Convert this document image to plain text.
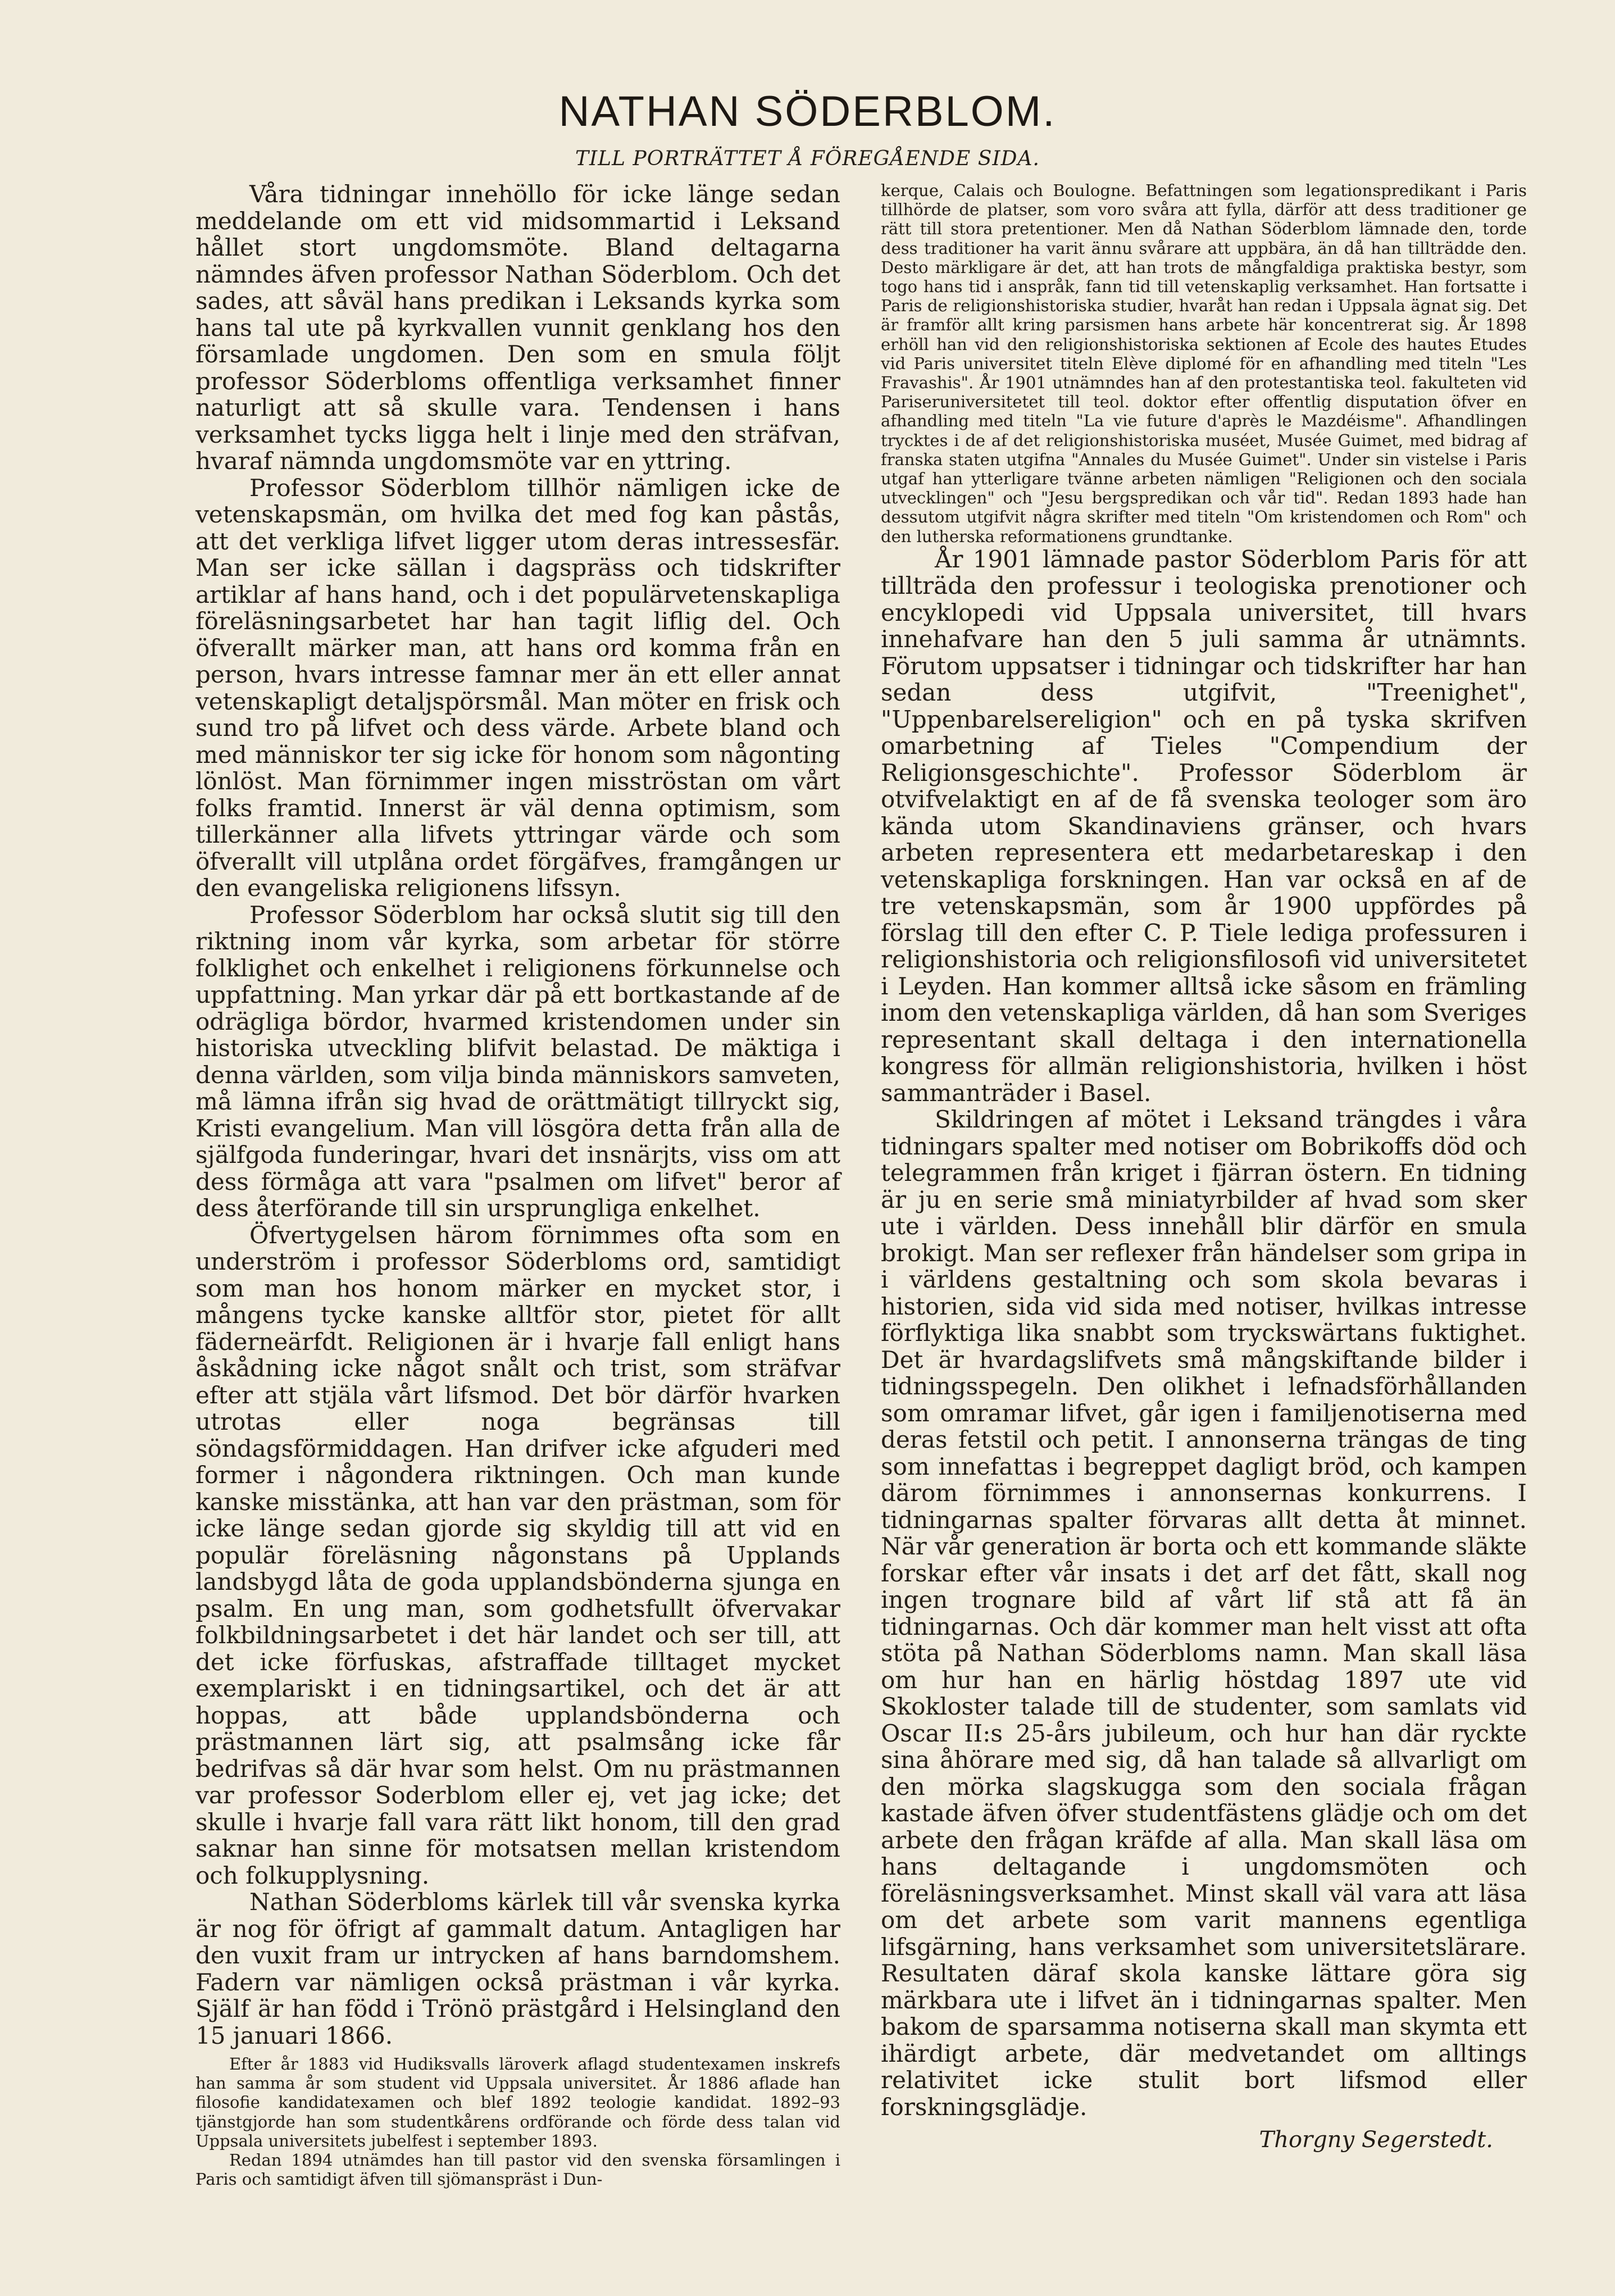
NATHAN SÖDERBLOM.
TILL PORTRÄTTET Å FÖREGÅENDE SIDA.

Våra tidningar innehöllo för icke länge sedan meddelande om ett vid midsommartid i Leksand hållet stort ungdomsmöte. Bland deltagarna nämndes äfven professor Nathan Söderblom. Och det sades, att såväl hans predikan i Leksands kyrka som hans tal ute på kyrkvallen vunnit genklang hos den församlade ungdomen. Den som en smula följt professor Söderbloms offentliga verksamhet finner naturligt att så skulle vara. Tendensen i hans verksamhet tycks ligga helt i linje med den sträfvan, hvaraf nämnda ungdomsmöte var en yttring.

Professor Söderblom tillhör nämligen icke de vetenskapsmän, om hvilka det med fog kan påstås, att det verkliga lifvet ligger utom deras intressesfär. Man ser icke sällan i dagspräss och tidskrifter artiklar af hans hand, och i det populärvetenskapliga föreläsningsarbetet har han tagit liflig del. Och öfverallt märker man, att hans ord komma från en person, hvars intresse famnar mer än ett eller annat vetenskapligt detaljspörsmål. Man möter en frisk och sund tro på lifvet och dess värde. Arbete bland och med människor ter sig icke för honom som någonting lönlöst. Man förnimmer ingen misströstan om vårt folks framtid. Innerst är väl denna optimism, som tillerkänner alla lifvets yttringar värde och som öfverallt vill utplåna ordet förgäfves, framgången ur den evangeliska religionens lifssyn.

Professor Söderblom har också slutit sig till den riktning inom vår kyrka, som arbetar för större folklighet och enkelhet i religionens förkunnelse och uppfattning. Man yrkar där på ett bortkastande af de odrägliga bördor, hvarmed kristendomen under sin historiska utveckling blifvit belastad. De mäktiga i denna världen, som vilja binda människors samveten, må lämna ifrån sig hvad de orättmätigt tillryckt sig, Kristi evangelium. Man vill lösgöra detta från alla de själfgoda funderingar, hvari det insnärjts, viss om att dess förmåga att vara "psalmen om lifvet" beror af dess återförande till sin ursprungliga enkelhet.

Öfvertygelsen härom förnimmes ofta som en underström i professor Söderbloms ord, samtidigt som man hos honom märker en mycket stor, i mångens tycke kanske alltför stor, pietet för allt fäderneärfdt. Religionen är i hvarje fall enligt hans åskådning icke något snålt och trist, som sträfvar efter att stjäla vårt lifsmod. Det bör därför hvarken utrotas eller noga begränsas till söndagsförmiddagen. Han drifver icke afguderi med former i någondera riktningen. Och man kunde kanske misstänka, att han var den prästman, som för icke länge sedan gjorde sig skyldig till att vid en populär föreläsning någonstans på Upplands landsbygd låta de goda upplandsbönderna sjunga en psalm. En ung man, som godhetsfullt öfvervakar folkbildningsarbetet i det här landet och ser till, att det icke förfuskas, afstraffade tilltaget mycket exemplariskt i en tidningsartikel, och det är att hoppas, att både upplandsbönderna och prästmannen lärt sig, att psalmsång icke får bedrifvas så där hvar som helst. Om nu prästmannen var professor Soderblom eller ej, vet jag icke; det skulle i hvarje fall vara rätt likt honom, till den grad saknar han sinne för motsatsen mellan kristendom och folkupplysning.

Nathan Söderbloms kärlek till vår svenska kyrka är nog för öfrigt af gammalt datum. Antagligen har den vuxit fram ur intrycken af hans barndomshem. Fadern var nämligen också prästman i vår kyrka. Själf är han född i Trönö prästgård i Helsingland den 15 januari 1866.

Efter år 1883 vid Hudiksvalls läroverk aflagd studentexamen inskrefs han samma år som student vid Uppsala universitet. År 1886 aflade han filosofie kandidatexamen och blef 1892 teologie kandidat. 1892–93 tjänstgjorde han som studentkårens ordförande och förde dess talan vid Uppsala universitets jubelfest i september 1893.

Redan 1894 utnämdes han till pastor vid den svenska församlingen i Paris och samtidigt äfven till sjömanspräst i Dun-

kerque, Calais och Boulogne. Befattningen som legationspredikant i Paris tillhörde de platser, som voro svåra att fylla, därför att dess traditioner ge rätt till stora pretentioner. Men då Nathan Söderblom lämnade den, torde dess traditioner ha varit ännu svårare att uppbära, än då han tillträdde den. Desto märkligare är det, att han trots de mångfaldiga praktiska bestyr, som togo hans tid i anspråk, fann tid till vetenskaplig verksamhet. Han fortsatte i Paris de religionshistoriska studier, hvaråt han redan i Uppsala ägnat sig. Det är framför allt kring parsismen hans arbete här koncentrerat sig. År 1898 erhöll han vid den religionshistoriska sektionen af Ecole des hautes Etudes vid Paris universitet titeln Elève diplomé för en afhandling med titeln "Les Fravashis". År 1901 utnämndes han af den protestantiska teol. fakulteten vid Pariseruniversitetet till teol. doktor efter offentlig disputation öfver en afhandling med titeln "La vie future d'après le Mazdéisme". Afhandlingen trycktes i de af det religionshistoriska muséet, Musée Guimet, med bidrag af franska staten utgifna "Annales du Musée Guimet". Under sin vistelse i Paris utgaf han ytterligare tvänne arbeten nämligen "Religionen och den sociala utvecklingen" och "Jesu bergspredikan och vår tid". Redan 1893 hade han dessutom utgifvit några skrifter med titeln "Om kristendomen och Rom" och den lutherska reformationens grundtanke.

År 1901 lämnade pastor Söderblom Paris för att tillträda den professur i teologiska prenotioner och encyklopedi vid Uppsala universitet, till hvars innehafvare han den 5 juli samma år utnämnts. Förutom uppsatser i tidningar och tidskrifter har han sedan dess utgifvit, "Treenighet", "Uppenbarelsereligion" och en på tyska skrifven omarbetning af Tieles "Compendium der Religionsgeschichte". Professor Söderblom är otvifvelaktigt en af de få svenska teologer som äro kända utom Skandinaviens gränser, och hvars arbeten representera ett medarbetareskap i den vetenskapliga forskningen. Han var också en af de tre vetenskapsmän, som år 1900 uppfördes på förslag till den efter C. P. Tiele lediga professuren i religionshistoria och religionsfilosofi vid universitetet i Leyden. Han kommer alltså icke såsom en främling inom den vetenskapliga världen, då han som Sveriges representant skall deltaga i den internationella kongress för allmän religionshistoria, hvilken i höst sammanträder i Basel.

Skildringen af mötet i Leksand trängdes i våra tidningars spalter med notiser om Bobrikoffs död och telegrammen från kriget i fjärran östern. En tidning är ju en serie små miniatyrbilder af hvad som sker ute i världen. Dess innehåll blir därför en smula brokigt. Man ser reflexer från händelser som gripa in i världens gestaltning och som skola bevaras i historien, sida vid sida med notiser, hvilkas intresse förflyktiga lika snabbt som tryckswärtans fuktighet. Det är hvardagslifvets små mångskiftande bilder i tidningsspegeln. Den olikhet i lefnadsförhållanden som omramar lifvet, går igen i familjenotiserna med deras fetstil och petit. I annonserna trängas de ting som innefattas i begreppet dagligt bröd, och kampen därom förnimmes i annonsernas konkurrens. I tidningarnas spalter förvaras allt detta åt minnet. När vår generation är borta och ett kommande släkte forskar efter vår insats i det arf det fått, skall nog ingen trognare bild af vårt lif stå att få än tidningarnas. Och där kommer man helt visst att ofta stöta på Nathan Söderbloms namn. Man skall läsa om hur han en härlig höstdag 1897 ute vid Skokloster talade till de studenter, som samlats vid Oscar II:s 25-års jubileum, och hur han där ryckte sina åhörare med sig, då han talade så allvarligt om den mörka slagskugga som den sociala frågan kastade äfven öfver studentfästens glädje och om det arbete den frågan kräfde af alla. Man skall läsa om hans deltagande i ungdomsmöten och föreläsningsverksamhet. Minst skall väl vara att läsa om det arbete som varit mannens egentliga lifsgärning, hans verksamhet som universitetslärare. Resultaten däraf skola kanske lättare göra sig märkbara ute i lifvet än i tidningarnas spalter. Men bakom de sparsamma notiserna skall man skymta ett ihärdigt arbete, där medvetandet om alltings relativitet icke stulit bort lifsmod eller forskningsglädje.

Thorgny Segerstedt.
